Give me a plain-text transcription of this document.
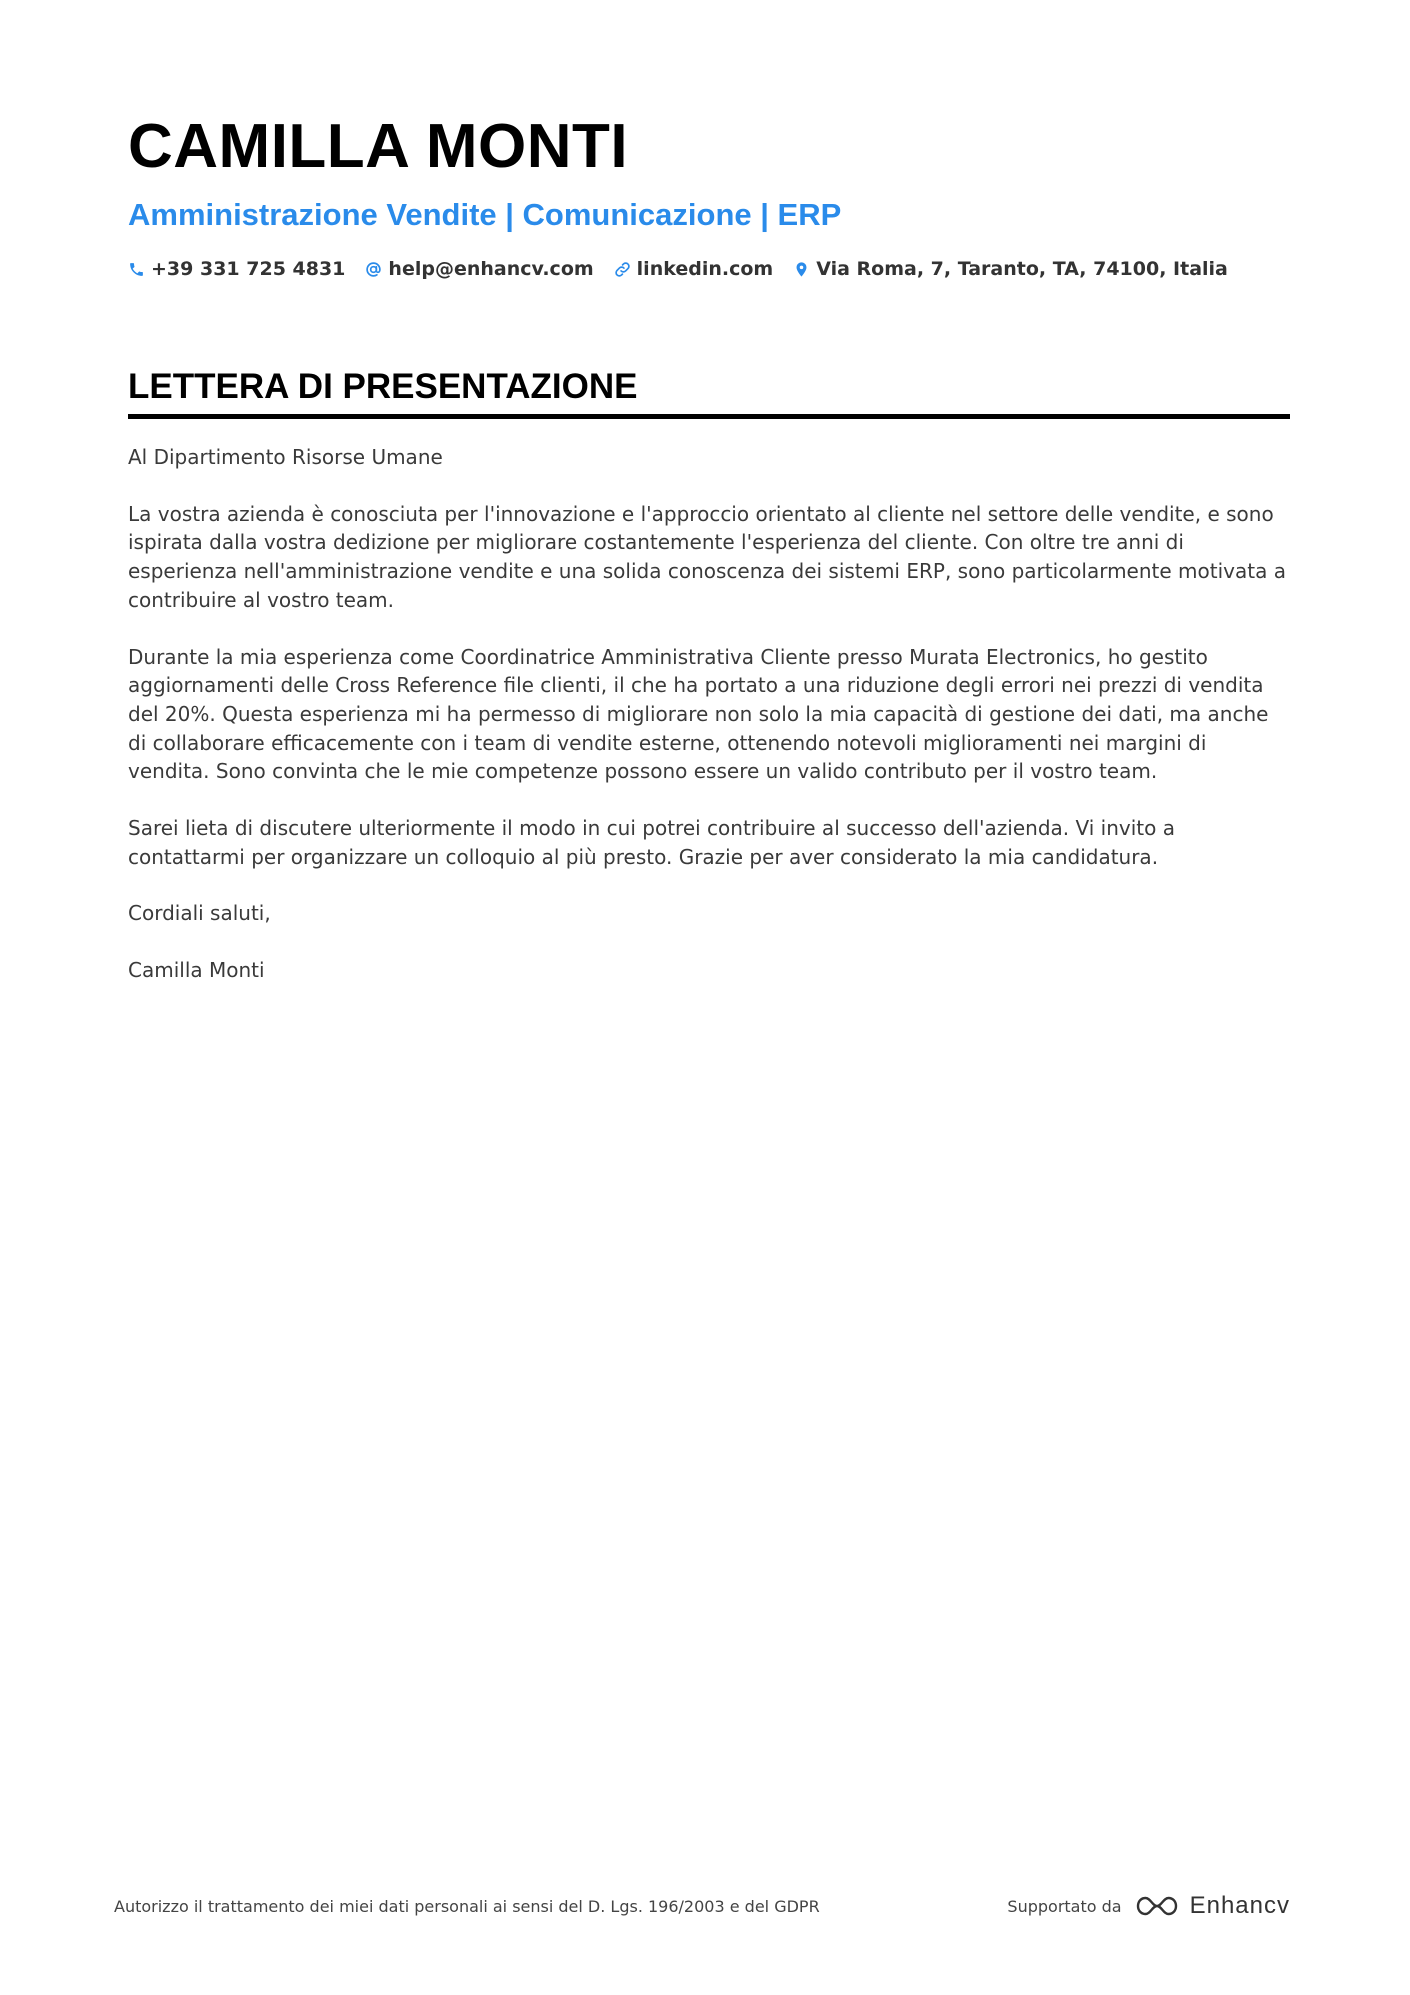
CAMILLA MONTI
Amministrazione Vendite | Comunicazione | ERP
+39 331 725 4831 help@enhancv.com linkedin.com Via Roma, 7, Taranto, TA, 74100, Italia
LETTERA DI PRESENTAZIONE

Al Dipartimento Risorse Umane

La vostra azienda è conosciuta per l'innovazione e l'approccio orientato al cliente nel settore delle vendite, e sono ispirata dalla vostra dedizione per migliorare costantemente l'esperienza del cliente. Con oltre tre anni di esperienza nell'amministrazione vendite e una solida conoscenza dei sistemi ERP, sono particolarmente motivata a contribuire al vostro team.

Durante la mia esperienza come Coordinatrice Amministrativa Cliente presso Murata Electronics, ho gestito aggiornamenti delle Cross Reference file clienti, il che ha portato a una riduzione degli errori nei prezzi di vendita del 20%. Questa esperienza mi ha permesso di migliorare non solo la mia capacità di gestione dei dati, ma anche di collaborare efficacemente con i team di vendite esterne, ottenendo notevoli miglioramenti nei margini di vendita. Sono convinta che le mie competenze possono essere un valido contributo per il vostro team.

Sarei lieta di discutere ulteriormente il modo in cui potrei contribuire al successo dell'azienda. Vi invito a contattarmi per organizzare un colloquio al più presto. Grazie per aver considerato la mia candidatura.

Cordiali saluti,

Camilla Monti

Autorizzo il trattamento dei miei dati personali ai sensi del D. Lgs. 196/2003 e del GDPR	Supportato da	Enhancv
